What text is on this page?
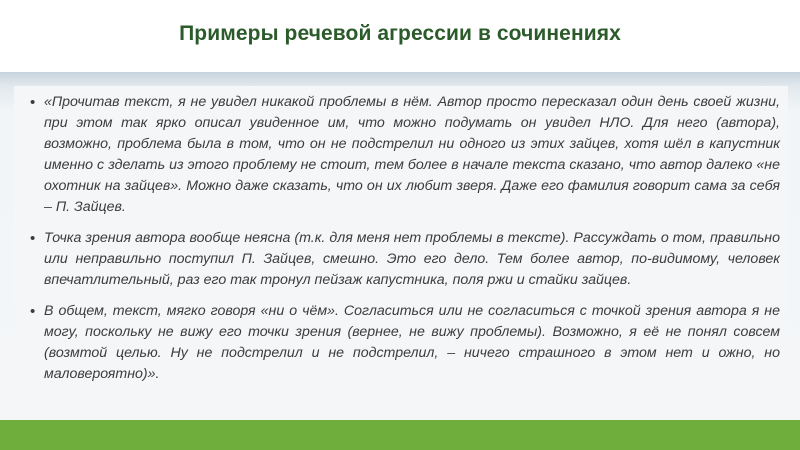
Примеры речевой агрессии в сочинениях
• «Прочитав текст, я не увидел никакой проблемы в нём. Автор просто пересказал один день своей жизни, при этом так ярко описал увиденное им, что можно подумать он увидел НЛО. Для него (автора), возможно, проблема была в том, что он не подстрелил ни одного из этих зайцев, хотя шёл в капустник именно с зделать из этого проблему не стоит, тем более в начале текста сказано, что автор далеко «не охотник на зайцев». Можно даже сказать, что он их любит зверя. Даже его фамилия говорит сама за себя – П. Зайцев.
• Точка зрения автора вообще неясна (т.к. для меня нет проблемы в тексте). Рассуждать о том, правильно или неправильно поступил П. Зайцев, смешно. Это его дело. Тем более автор, по-видимому, человек впечатлительный, раз его так тронул пейзаж капустника, поля ржи и стайки зайцев.
• В общем, текст, мягко говоря «ни о чём». Согласиться или не согласиться с точкой зрения автора я не могу, поскольку не вижу его точки зрения (вернее, не вижу проблемы). Возможно, я её не понял совсем (возмтой целью. Ну не подстрелил и не подстрелил, – ничего страшного в этом нет и ожно, но маловероятно)».
